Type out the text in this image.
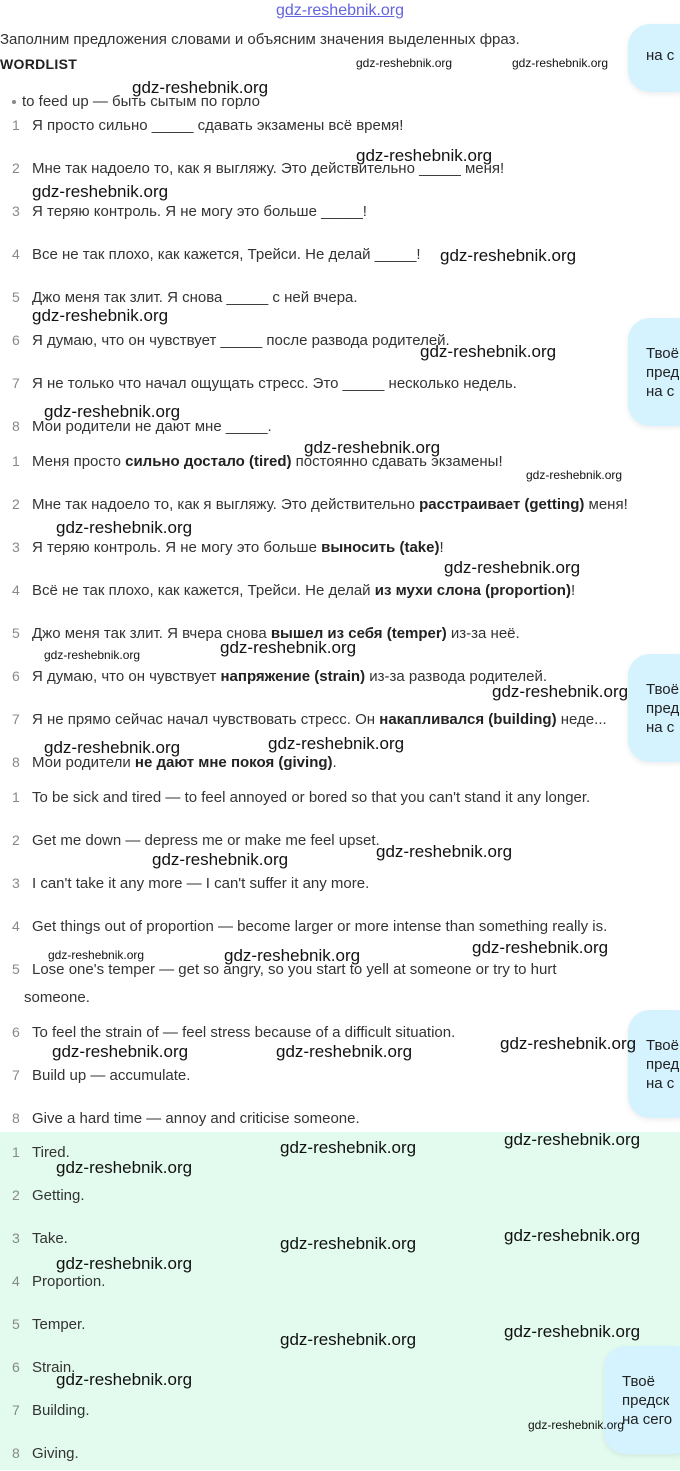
gdz-reshebnik.org
Заполним предложения словами и объясним значения выделенных фраз.
WORDLIST
to feed up — быть сытым по горло
1 Я просто сильно _____ сдавать экзамены всё время!
2 Мне так надоело то, как я выгляжу. Это действительно _____ меня!
3 Я теряю контроль. Я не могу это больше _____!
4 Все не так плохо, как кажется, Трейси. Не делай _____!
5 Джо меня так злит. Я снова _____ с ней вчера.
6 Я думаю, что он чувствует _____ после развода родителей.
7 Я не только что начал ощущать стресс. Это _____ несколько недель.
8 Мои родители не дают мне _____.
1 Меня просто сильно достало (tired) постоянно сдавать экзамены!
2 Мне так надоело то, как я выгляжу. Это действительно расстраивает (getting) меня!
3 Я теряю контроль. Я не могу это больше выносить (take)!
4 Всё не так плохо, как кажется, Трейси. Не делай из мухи слона (proportion)!
5 Джо меня так злит. Я вчера снова вышел из себя (temper) из-за неё.
6 Я думаю, что он чувствует напряжение (strain) из-за развода родителей.
7 Я не прямо сейчас начал чувствовать стресс. Он накапливался (building) неде...
8 Мои родители не дают мне покоя (giving).
1 To be sick and tired — to feel annoyed or bored so that you can't stand it any longer.
2 Get me down — depress me or make me feel upset.
3 I can't take it any more — I can't suffer it any more.
4 Get things out of proportion — become larger or more intense than something really is.
5 Lose one's temper — get so angry, so you start to yell at someone or try to hurt
someone.
6 To feel the strain of — feel stress because of a difficult situation.
7 Build up — accumulate.
8 Give a hard time — annoy and criticise someone.
1 Tired.
2 Getting.
3 Take.
4 Proportion.
5 Temper.
6 Strain.
7 Building.
8 Giving.
на с
Твоё
пред
на с
Твоё
пред
на с
Твоё
пред
на с
Твоё
предск
на сего
gdz-reshebnik.org	gdz-reshebnik.org
gdz-reshebnik.org
gdz-reshebnik.org
gdz-reshebnik.org
gdz-reshebnik.org
gdz-reshebnik.org
gdz-reshebnik.org
gdz-reshebnik.org
gdz-reshebnik.org
gdz-reshebnik.org
gdz-reshebnik.org
gdz-reshebnik.org
gdz-reshebnik.org
gdz-reshebnik.org
gdz-reshebnik.org
gdz-reshebnik.org
gdz-reshebnik.org
gdz-reshebnik.org
gdz-reshebnik.org
gdz-reshebnik.org
gdz-reshebnik.org	gdz-reshebnik.org
gdz-reshebnik.org
gdz-reshebnik.org	gdz-reshebnik.org
gdz-reshebnik.org
gdz-reshebnik.org
gdz-reshebnik.org
gdz-reshebnik.org
gdz-reshebnik.org
gdz-reshebnik.org
gdz-reshebnik.org
gdz-reshebnik.org
gdz-reshebnik.org
gdz-reshebnik.org
